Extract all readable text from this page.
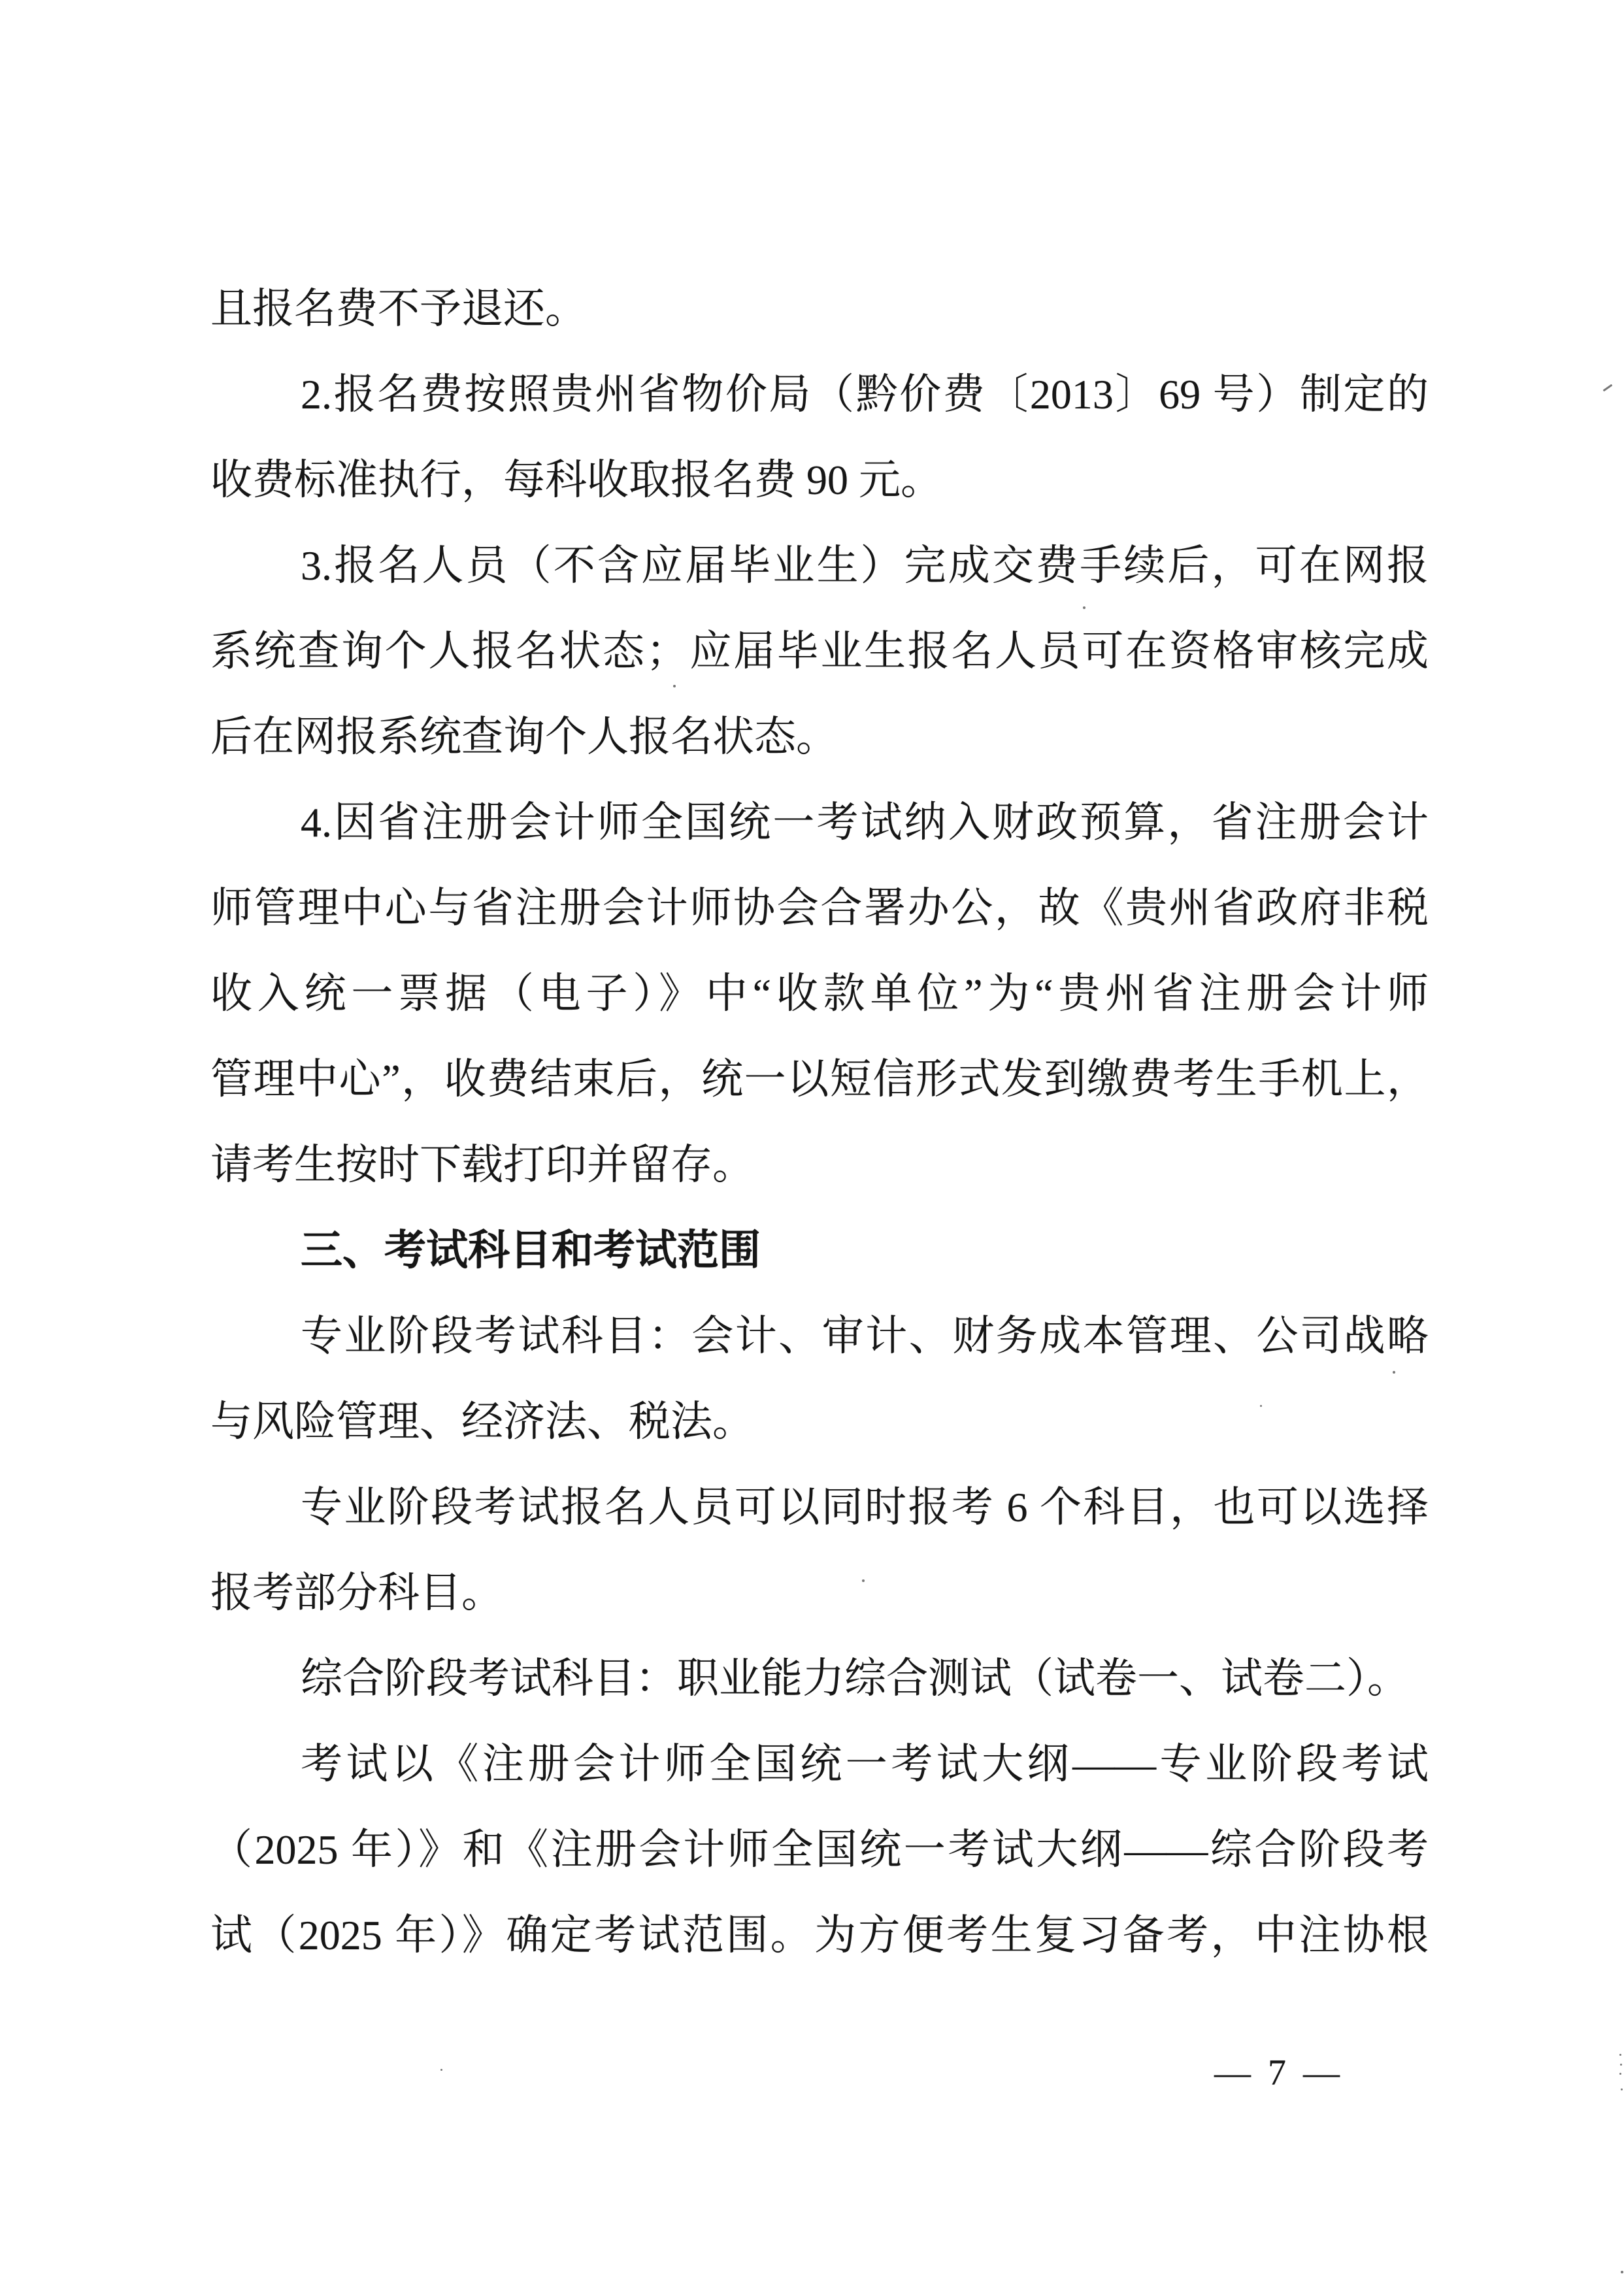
且报名费不予退还。
2.报名费按照贵州省物价局（黔价费〔2013〕69 号）制定的
收费标准执行，每科收取报名费 90 元。
3.报名人员（不含应届毕业生）完成交费手续后，可在网报
系统查询个人报名状态；应届毕业生报名人员可在资格审核完成
后在网报系统查询个人报名状态。
4.因省注册会计师全国统一考试纳入财政预算，省注册会计
师管理中心与省注册会计师协会合署办公，故《贵州省政府非税
收入统一票据（电子）》中“收款单位”为“贵州省注册会计师
管理中心”，收费结束后，统一以短信形式发到缴费考生手机上，
请考生按时下载打印并留存。
三、考试科目和考试范围
专业阶段考试科目：会计、审计、财务成本管理、公司战略
与风险管理、经济法、税法。
专业阶段考试报名人员可以同时报考 6 个科目，也可以选择
报考部分科目。
综合阶段考试科目：职业能力综合测试（试卷一、试卷二）。
考试以《注册会计师全国统一考试大纲——专业阶段考试
（2025 年）》和《注册会计师全国统一考试大纲——综合阶段考
试（2025 年）》确定考试范围。为方便考生复习备考，中注协根
— 7 —
